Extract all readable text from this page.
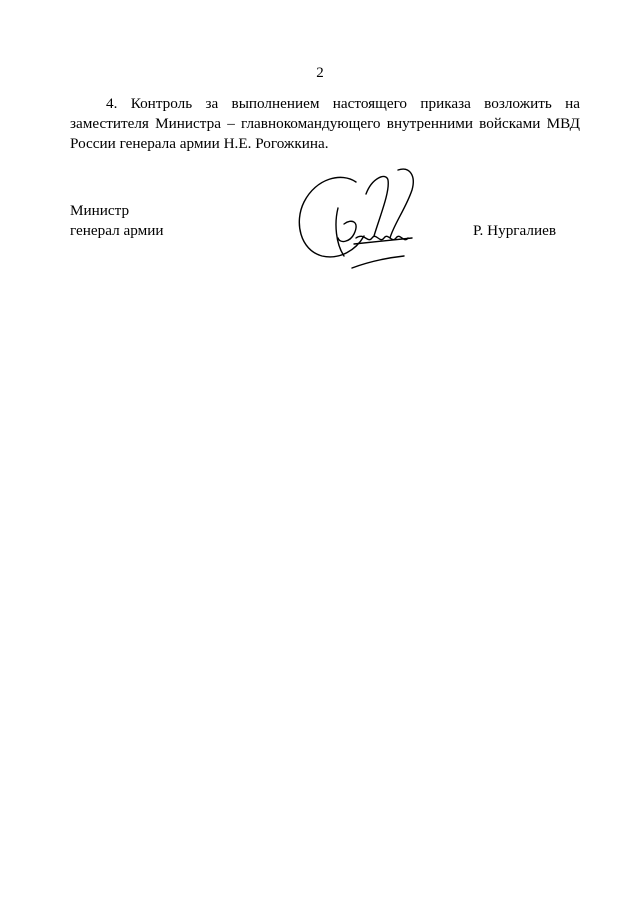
2

4. Контроль за выполнением настоящего приказа возложить на заместителя Министра – главнокомандующего внутренними войсками МВД России генерала армии Н.Е. Рогожкина.

Министр
генерал армии	Р. Нургалиев
